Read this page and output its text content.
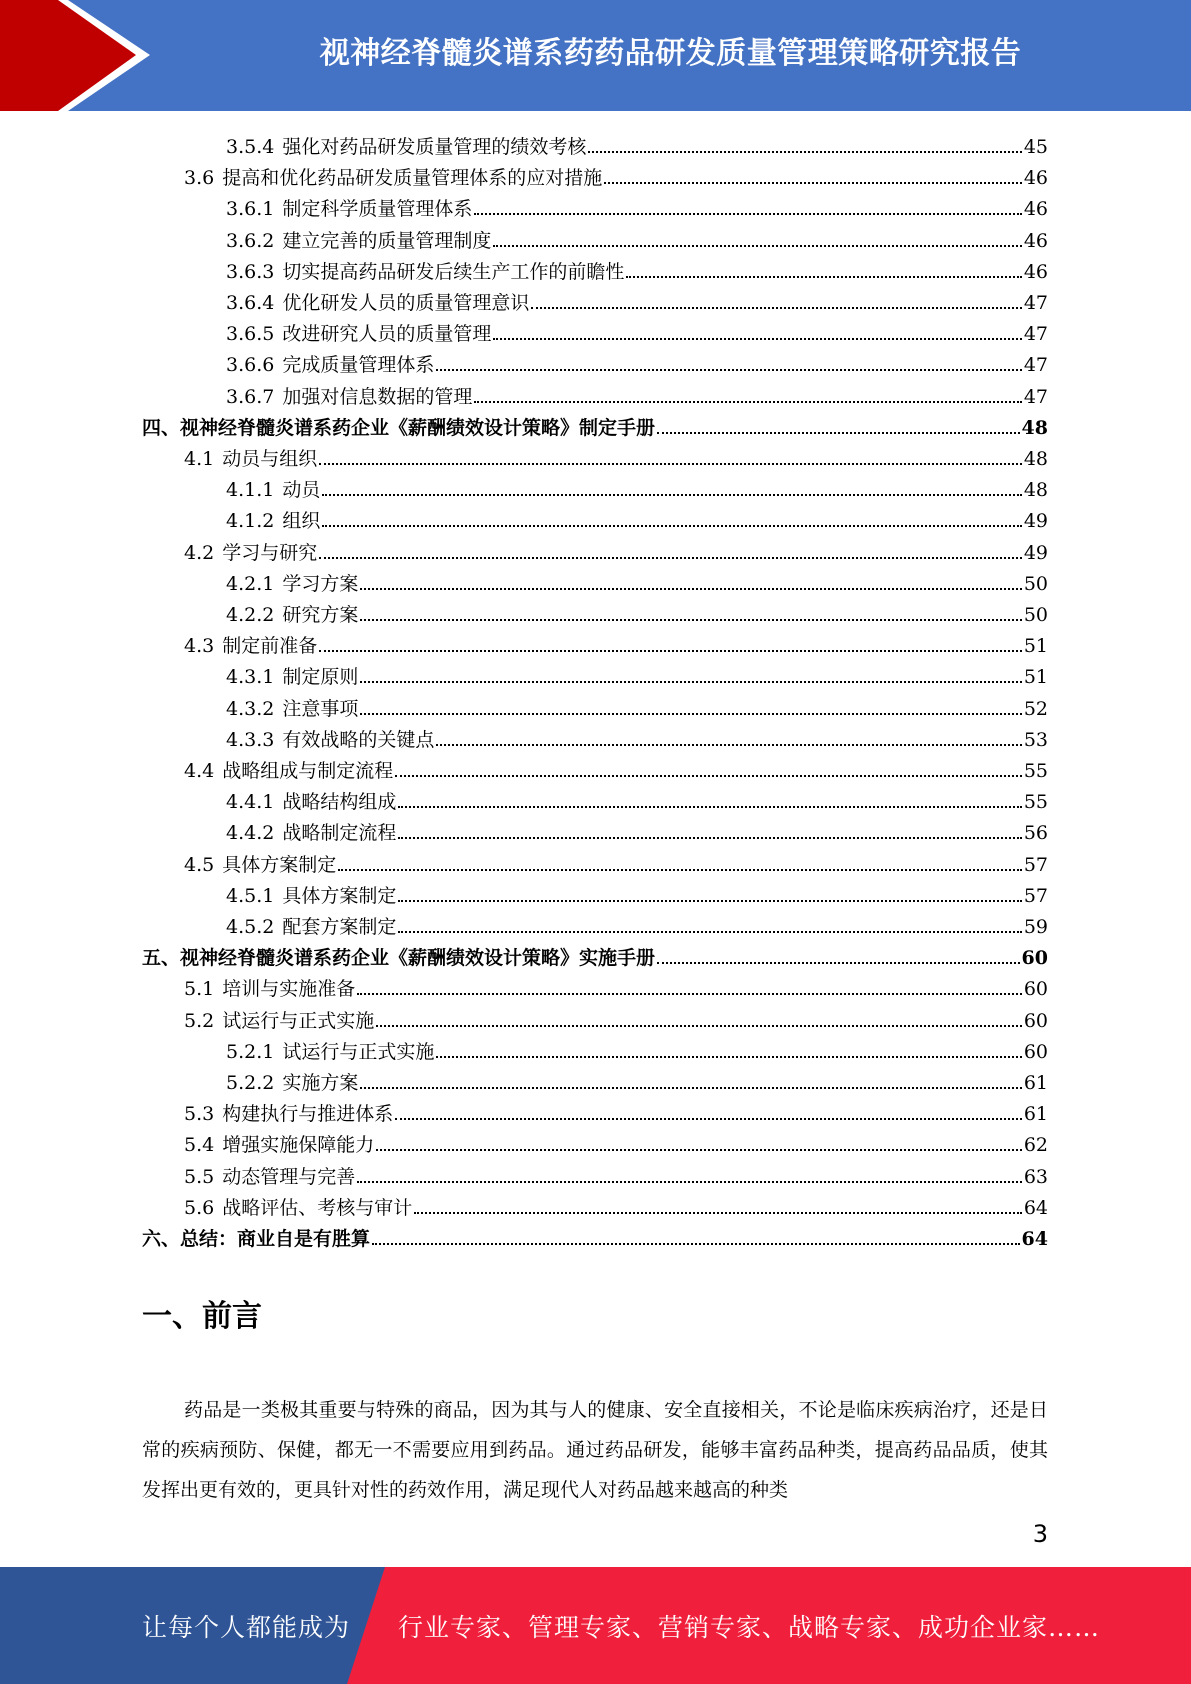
视神经脊髓炎谱系药药品研发质量管理策略研究报告
3.5.4 强化对药品研发质量管理的绩效考核	45
3.6 提高和优化药品研发质量管理体系的应对措施	46
3.6.1 制定科学质量管理体系	46
3.6.2 建立完善的质量管理制度	46
3.6.3 切实提高药品研发后续生产工作的前瞻性	46
3.6.4 优化研发人员的质量管理意识	47
3.6.5 改进研究人员的质量管理	47
3.6.6 完成质量管理体系	47
3.6.7 加强对信息数据的管理	47
四、 视神经脊髓炎谱系药企业《薪酬绩效设计策略》制定手册	48
4.1 动员与组织	48
4.1.1 动员	48
4.1.2 组织	49
4.2 学习与研究	49
4.2.1 学习方案	50
4.2.2 研究方案	50
4.3 制定前准备	51
4.3.1 制定原则	51
4.3.2 注意事项	52
4.3.3 有效战略的关键点	53
4.4 战略组成与制定流程	55
4.4.1 战略结构组成	55
4.4.2 战略制定流程	56
4.5 具体方案制定	57
4.5.1 具体方案制定	57
4.5.2 配套方案制定	59
五、 视神经脊髓炎谱系药企业《薪酬绩效设计策略》实施手册	60
5.1 培训与实施准备	60
5.2 试运行与正式实施	60
5.2.1 试运行与正式实施	60
5.2.2 实施方案	61
5.3 构建执行与推进体系	61
5.4 增强实施保障能力	62
5.5 动态管理与完善	63
5.6 战略评估、考核与审计	64
六、 总结：商业自是有胜算	64
一、前言
药品是一类极其重要与特殊的商品，因为其与人的健康、安全直接相关，不论是临床疾病治疗，还是日常的疾病预防、保健，都无一不需要应用到药品。通过药品研发，能够丰富药品种类，提高药品品质，使其发挥出更有效的，更具针对性的药效作用，满足现代人对药品越来越高的种类
3
让每个人都能成为 行业专家、管理专家、营销专家、战略专家、成功企业家……
